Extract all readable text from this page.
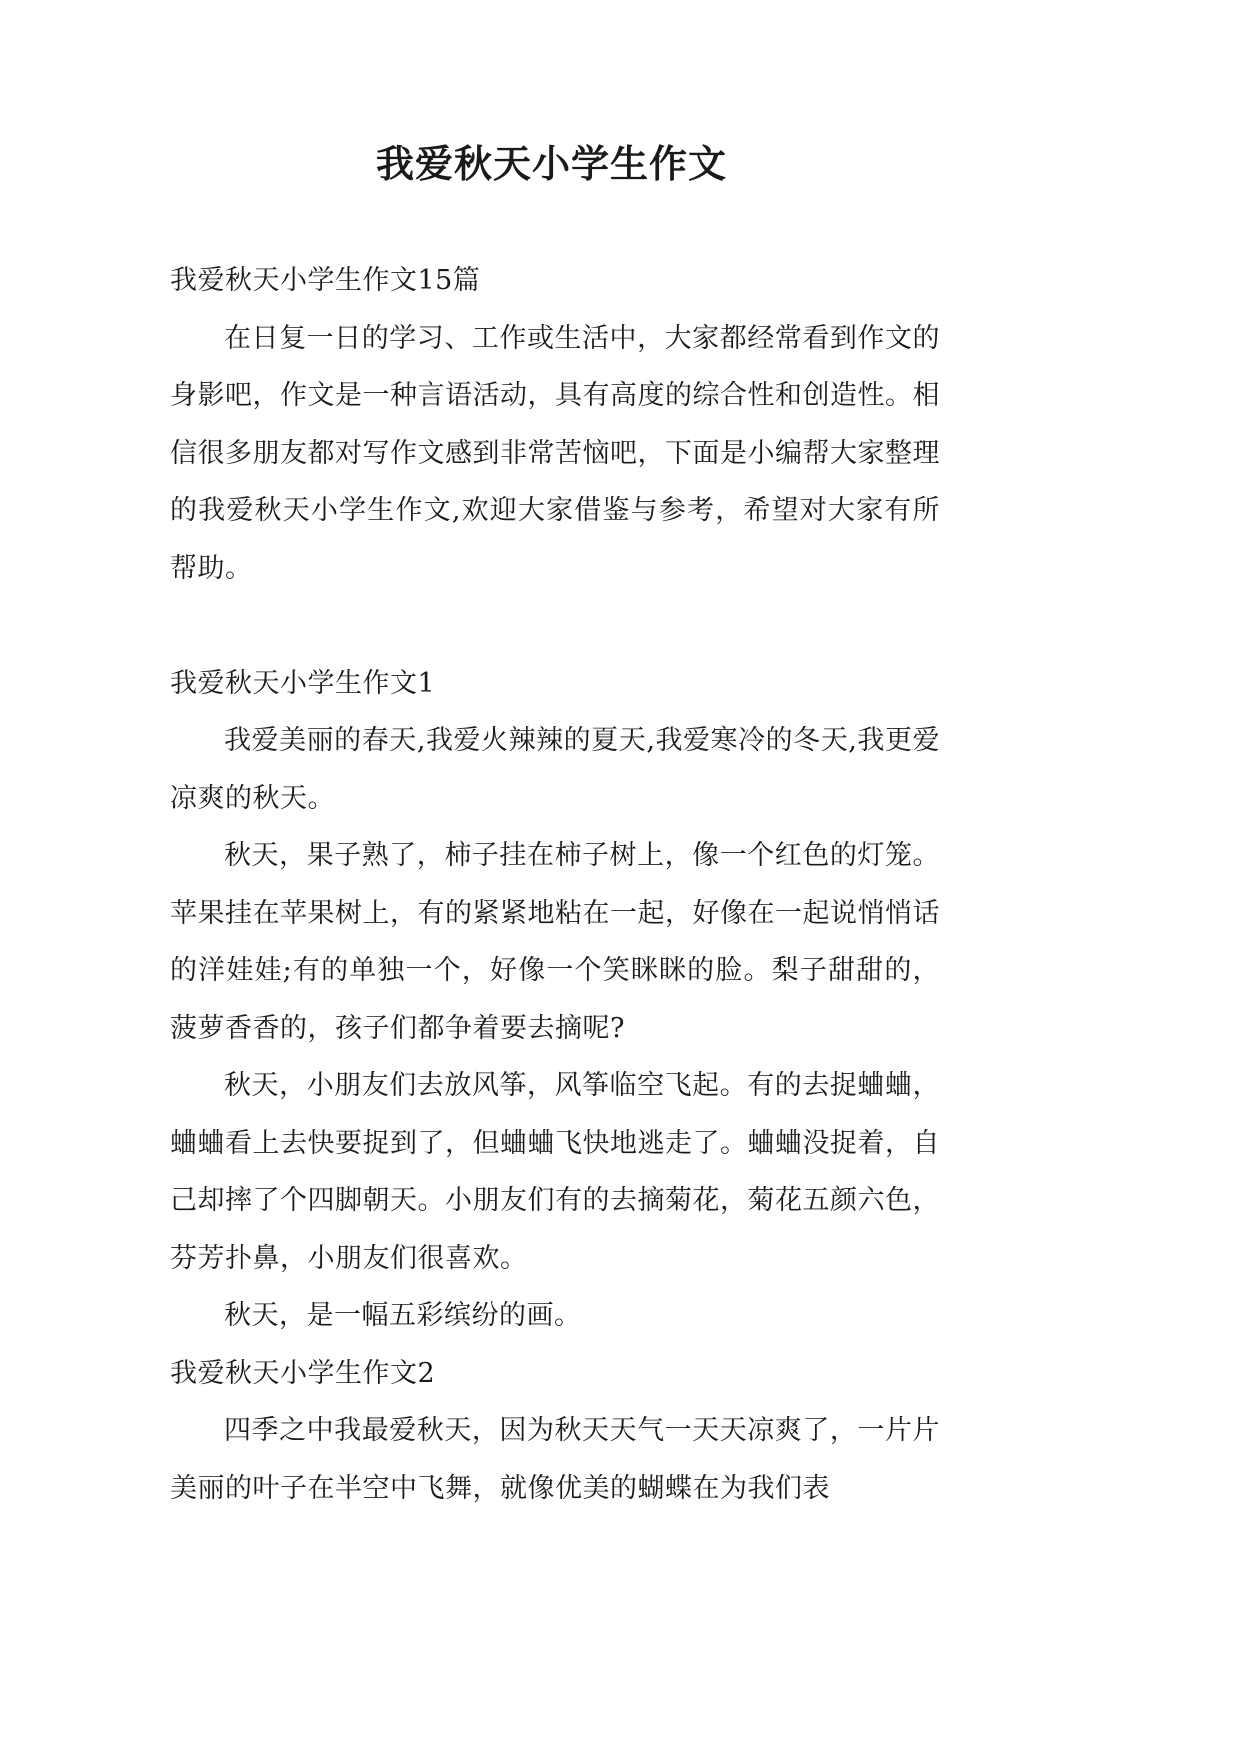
我爱秋天小学生作文
我爱秋天小学生作文15篇

在日复一日的学习、工作或生活中，大家都经常看到作文的身影吧，作文是一种言语活动，具有高度的综合性和创造性。相信很多朋友都对写作文感到非常苦恼吧，下面是小编帮大家整理的我爱秋天小学生作文,欢迎大家借鉴与参考，希望对大家有所帮助。

我爱秋天小学生作文1

我爱美丽的春天,我爱火辣辣的夏天,我爱寒冷的冬天,我更爱凉爽的秋天。

秋天，果子熟了，柿子挂在柿子树上，像一个红色的灯笼。苹果挂在苹果树上，有的紧紧地粘在一起，好像在一起说悄悄话的洋娃娃;有的单独一个，好像一个笑眯眯的脸。梨子甜甜的，菠萝香香的，孩子们都争着要去摘呢?

秋天，小朋友们去放风筝，风筝临空飞起。有的去捉蛐蛐，蛐蛐看上去快要捉到了，但蛐蛐飞快地逃走了。蛐蛐没捉着，自己却摔了个四脚朝天。小朋友们有的去摘菊花，菊花五颜六色，芬芳扑鼻，小朋友们很喜欢。

秋天，是一幅五彩缤纷的画。

我爱秋天小学生作文2

四季之中我最爱秋天，因为秋天天气一天天凉爽了，一片片美丽的叶子在半空中飞舞，就像优美的蝴蝶在为我们表
